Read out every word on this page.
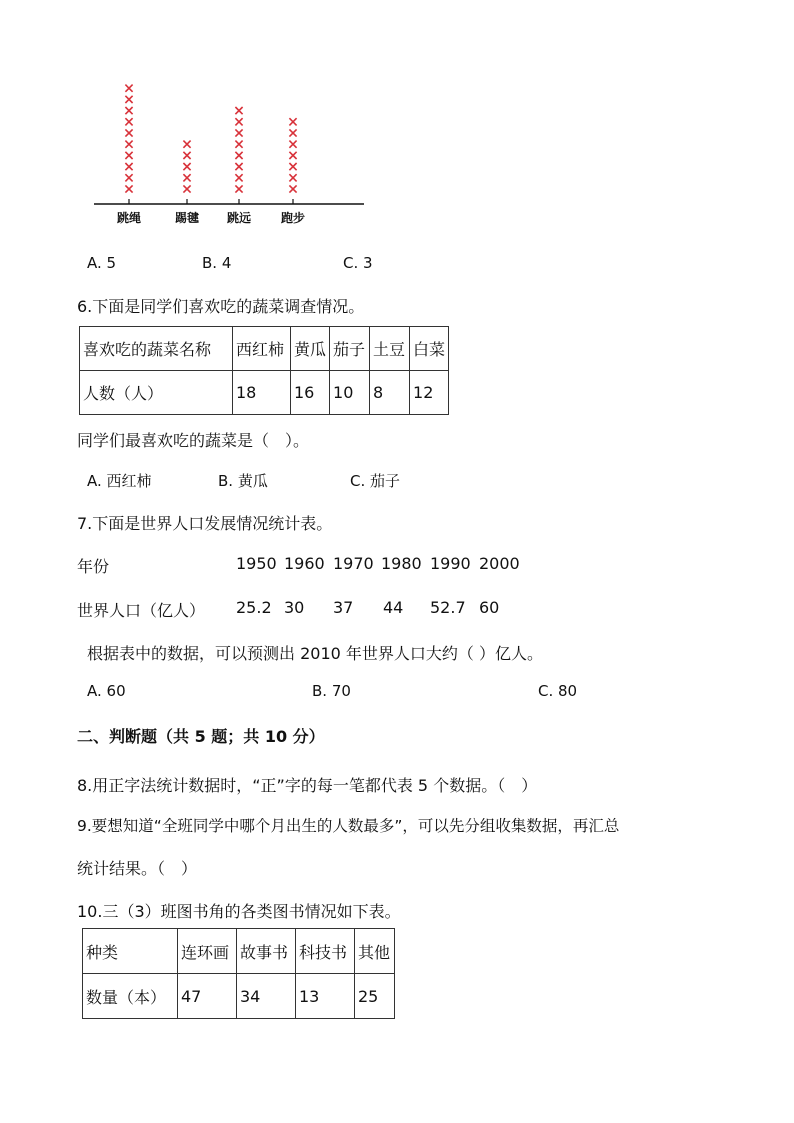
跳绳	踢毽 跳远 跑步
A. 5	B. 4	C. 3
6.下面是同学们喜欢吃的蔬菜调查情况。
喜欢吃的蔬菜名称	西红柿	黄瓜	茄子	土豆	白菜
人数（人）	18	16	10	8	12
同学们最喜欢吃的蔬菜是（　）。
A. 西红柿	B. 黄瓜	C. 茄子
7.下面是世界人口发展情况统计表。
年份	1950 1960 1970 1980 1990 2000
世界人口（亿人） 25.2 30 37 44 52.7 60
根据表中的数据，可以预测出 2010 年世界人口大约（ ）亿人。
A. 60	B. 70	C. 80
二、判断题（共 5 题；共 10 分）
8.用正字法统计数据时，“正”字的每一笔都代表 5 个数据。（　）
9.要想知道“全班同学中哪个月出生的人数最多”，可以先分组收集数据，再汇总
统计结果。（　）
10.三（3）班图书角的各类图书情况如下表。
种类	连环画	故事书	科技书	其他
数量（本）	47	34	13	25
